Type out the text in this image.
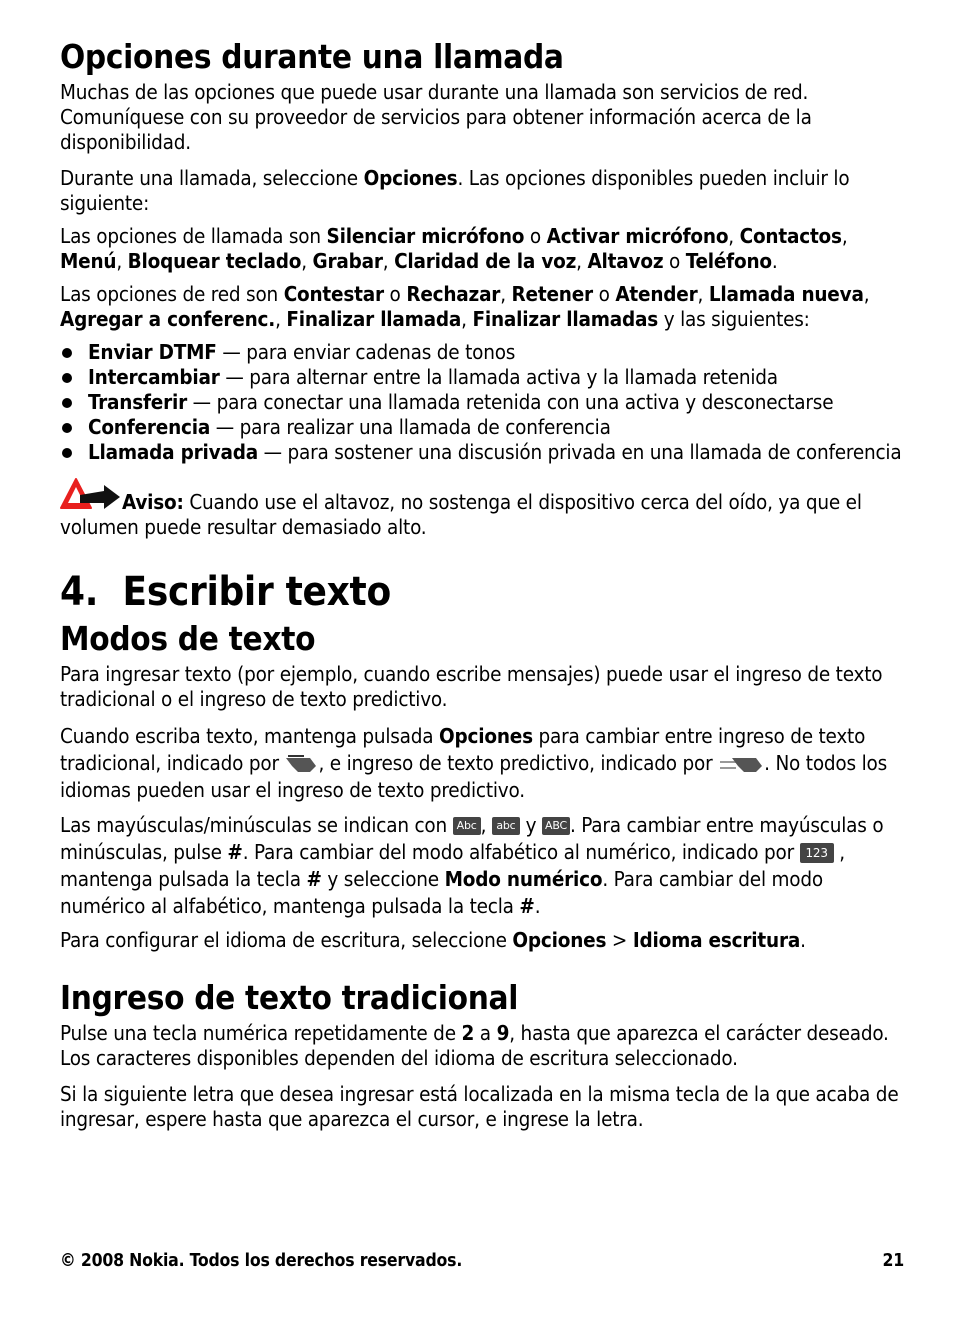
Opciones durante una llamada

Muchas de las opciones que puede usar durante una llamada son servicios de red. Comuníquese con su proveedor de servicios para obtener información acerca de la disponibilidad.

Durante una llamada, seleccione Opciones. Las opciones disponibles pueden incluir lo siguiente:

Las opciones de llamada son Silenciar micrófono o Activar micrófono, Contactos, Menú, Bloquear teclado, Grabar, Claridad de la voz, Altavoz o Teléfono.

Las opciones de red son Contestar o Rechazar, Retener o Atender, Llamada nueva, Agregar a conferenc., Finalizar llamada, Finalizar llamadas y las siguientes:

Enviar DTMF — para enviar cadenas de tonos
Intercambiar — para alternar entre la llamada activa y la llamada retenida
Transferir — para conectar una llamada retenida con una activa y desconectarse
Conferencia — para realizar una llamada de conferencia
Llamada privada — para sostener una discusión privada en una llamada de conferencia

Aviso: Cuando use el altavoz, no sostenga el dispositivo cerca del oído, ya que el volumen puede resultar demasiado alto.

4.  Escribir texto
Modos de texto

Para ingresar texto (por ejemplo, cuando escribe mensajes) puede usar el ingreso de texto tradicional o el ingreso de texto predictivo.

Cuando escriba texto, mantenga pulsada Opciones para cambiar entre ingreso de texto tradicional, indicado por , e ingreso de texto predictivo, indicado por . No todos los idiomas pueden usar el ingreso de texto predictivo.

Las mayúsculas/minúsculas se indican con Abc , abc y ABC . Para cambiar entre mayúsculas o minúsculas, pulse #. Para cambiar del modo alfabético al numérico, indicado por 123 , mantenga pulsada la tecla # y seleccione Modo numérico. Para cambiar del modo numérico al alfabético, mantenga pulsada la tecla #.

Para configurar el idioma de escritura, seleccione Opciones > Idioma escritura.

Ingreso de texto tradicional

Pulse una tecla numérica repetidamente de 2 a 9, hasta que aparezca el carácter deseado. Los caracteres disponibles dependen del idioma de escritura seleccionado.

Si la siguiente letra que desea ingresar está localizada en la misma tecla de la que acaba de ingresar, espere hasta que aparezca el cursor, e ingrese la letra.

© 2008 Nokia. Todos los derechos reservados.	21
